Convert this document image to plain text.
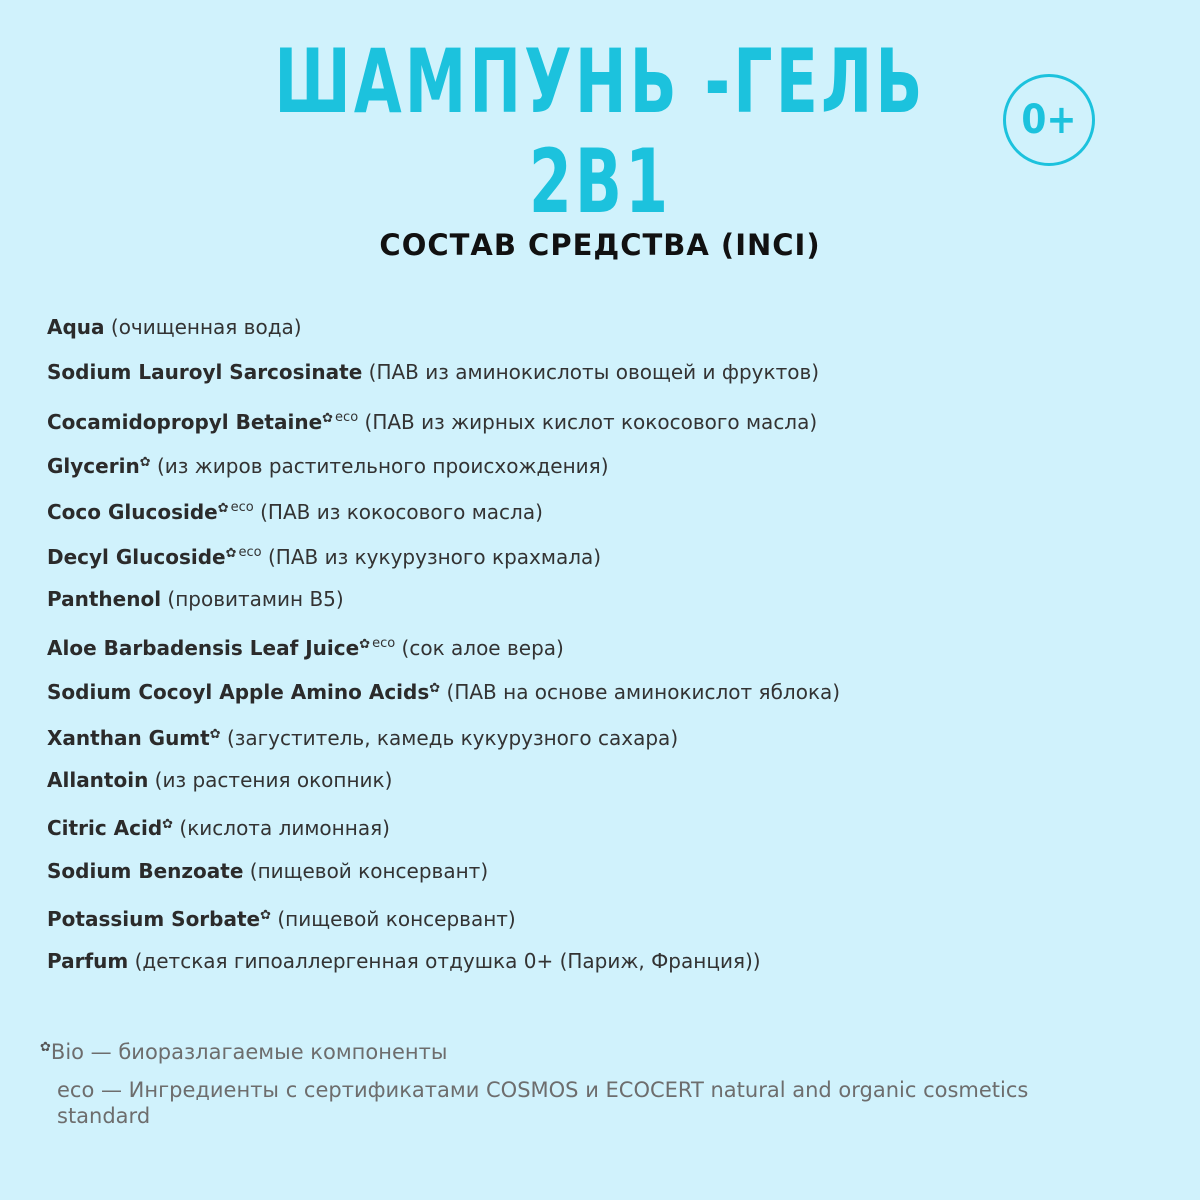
ШАМПУНЬ -ГЕЛЬ
2В1
0+
СОСТАВ СРЕДСТВА (INCI)
Aqua (очищенная вода)
Sodium Lauroyl Sarcosinate (ПАВ из аминокислоты овощей и фруктов)
Cocamidopropyl Betaine✿ $^{eco}$ (ПАВ из жирных кислот кокосового масла)
Glycerin✿ (из жиров растительного происхождения)
Coco Glucoside✿ $^{eco}$ (ПАВ из кокосового масла)
Decyl Glucoside✿ $^{eco}$ (ПАВ из кукурузного крахмала)
Panthenol (провитамин В5)
Aloe Barbadensis Leaf Juice✿ $^{eco}$ (сок алое вера)
Sodium Cocoyl Apple Amino Acids✿ (ПАВ на основе аминокислот яблока)
Xanthan Gumt✿ (загуститель, камедь кукурузного сахара)
Allantoin (из растения окопник)
Citric Acid✿ (кислота лимонная)
Sodium Benzoate (пищевой консервант)
Potassium Sorbate✿ (пищевой консервант)
Parfum (детская гипоаллергенная отдушка 0+ (Париж, Франция))
✿Bio — биоразлагаемые компоненты
eco — Ингредиенты с сертификатами COSMOS и ECOCERT natural and organic cosmetics standard
